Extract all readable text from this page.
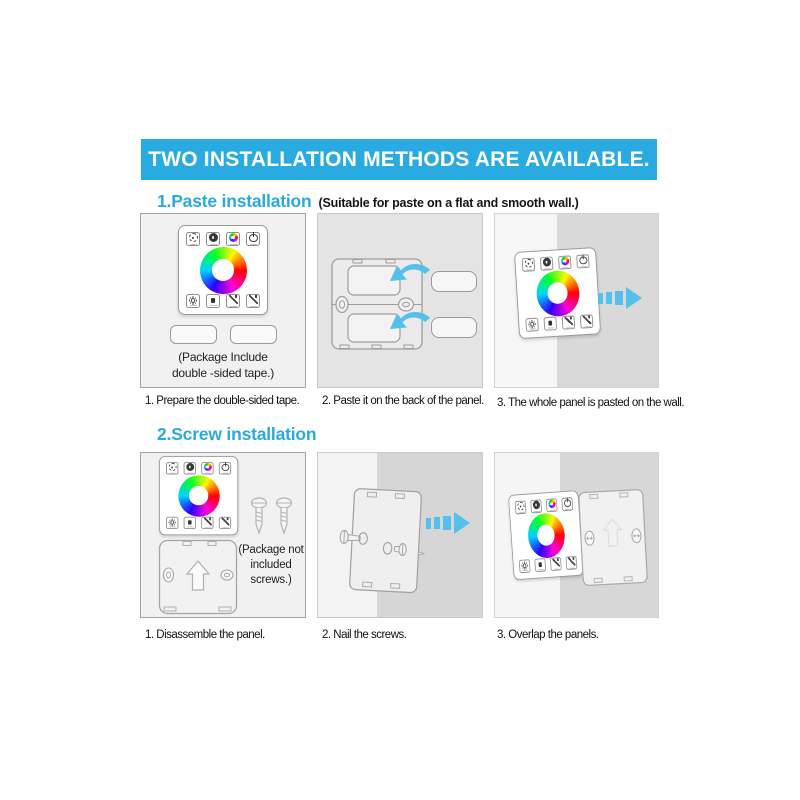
TWO INSTALLATION METHODS ARE AVAILABLE.
1.Paste installation (Suitable for paste on a flat and smooth wall.)
(Package Include
double -sided tape.)
1. Prepare the double-sided tape. 2. Paste it on the back of the panel. 3. The whole panel is pasted on the wall.
2.Screw installation
(Package not
included
screws.)
1. Disassemble the panel.	2. Nail the screws.	3. Overlap the panels.
